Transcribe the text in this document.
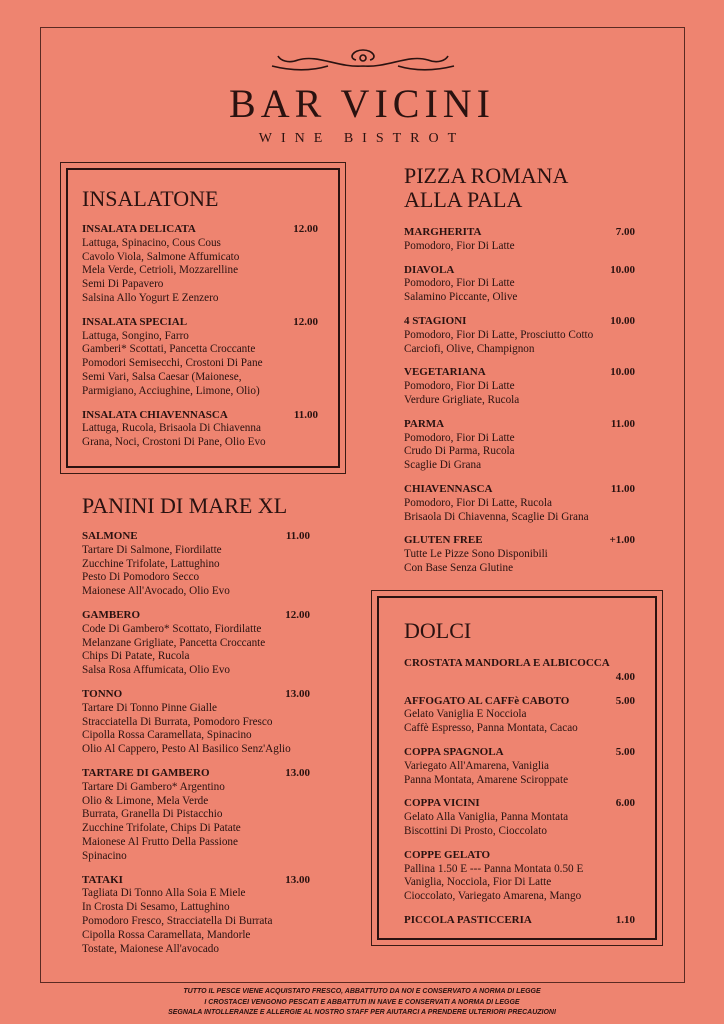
BAR VICINI
WINE BISTROT
INSALATONE
INSALATA DELICATA	12.00
Lattuga, Spinacino, Cous Cous
Cavolo Viola, Salmone Affumicato
Mela Verde, Cetrioli, Mozzarelline
Semi Di Papavero
Salsina Allo Yogurt E Zenzero
INSALATA SPECIAL	12.00
Lattuga, Songino, Farro
Gamberi* Scottati, Pancetta Croccante
Pomodori Semisecchi, Crostoni Di Pane
Semi Vari, Salsa Caesar (Maionese,
Parmigiano, Acciughine, Limone, Olio)
INSALATA CHIAVENNASCA	11.00
Lattuga, Rucola, Brisaola Di Chiavenna
Grana, Noci, Crostoni Di Pane, Olio Evo
PANINI DI MARE XL
SALMONE	11.00
Tartare Di Salmone, Fiordilatte
Zucchine Trifolate, Lattughino
Pesto Di Pomodoro Secco
Maionese All'Avocado, Olio Evo
GAMBERO	12.00
Code Di Gambero* Scottato, Fiordilatte
Melanzane Grigliate, Pancetta Croccante
Chips Di Patate, Rucola
Salsa Rosa Affumicata, Olio Evo
TONNO	13.00
Tartare Di Tonno Pinne Gialle
Stracciatella Di Burrata, Pomodoro Fresco
Cipolla Rossa Caramellata, Spinacino
Olio Al Cappero, Pesto Al Basilico Senz'Aglio
TARTARE DI GAMBERO	13.00
Tartare Di Gambero* Argentino
Olio & Limone, Mela Verde
Burrata, Granella Di Pistacchio
Zucchine Trifolate, Chips Di Patate
Maionese Al Frutto Della Passione
Spinacino
TATAKI	13.00
Tagliata Di Tonno Alla Soia E Miele
In Crosta Di Sesamo, Lattughino
Pomodoro Fresco, Stracciatella Di Burrata
Cipolla Rossa Caramellata, Mandorle
Tostate, Maionese All'avocado
PIZZA ROMANA ALLA PALA
MARGHERITA	7.00
Pomodoro, Fior Di Latte
DIAVOLA	10.00
Pomodoro, Fior Di Latte
Salamino Piccante, Olive
4 STAGIONI	10.00
Pomodoro, Fior Di Latte, Prosciutto Cotto
Carciofi, Olive, Champignon
VEGETARIANA	10.00
Pomodoro, Fior Di Latte
Verdure Grigliate, Rucola
PARMA	11.00
Pomodoro, Fior Di Latte
Crudo Di Parma, Rucola
Scaglie Di Grana
CHIAVENNASCA	11.00
Pomodoro, Fior Di Latte, Rucola
Brisaola Di Chiavenna, Scaglie Di Grana
GLUTEN FREE	+1.00
Tutte Le Pizze Sono Disponibili
Con Base Senza Glutine
DOLCI
CROSTATA MANDORLA E ALBICOCCA
4.00
AFFOGATO AL CAFFè CABOTO	5.00
Gelato Vaniglia E Nocciola
Caffè Espresso, Panna Montata, Cacao
COPPA SPAGNOLA	5.00
Variegato All'Amarena, Vaniglia
Panna Montata, Amarene Sciroppate
COPPA VICINI	6.00
Gelato Alla Vaniglia, Panna Montata
Biscottini Di Prosto, Cioccolato
COPPE GELATO
Pallina 1.50 E --- Panna Montata 0.50 E
Vaniglia, Nocciola, Fior Di Latte
Cioccolato, Variegato Amarena, Mango
PICCOLA PASTICCERIA	1.10
TUTTO IL PESCE VIENE ACQUISTATO FRESCO, ABBATTUTO DA NOI E CONSERVATO A NORMA DI LEGGE
I CROSTACEI VENGONO PESCATI E ABBATTUTI IN NAVE E CONSERVATI A NORMA DI LEGGE
SEGNALA INTOLLERANZE E ALLERGIE AL NOSTRO STAFF PER AIUTARCI A PRENDERE ULTERIORI PRECAUZIONI
